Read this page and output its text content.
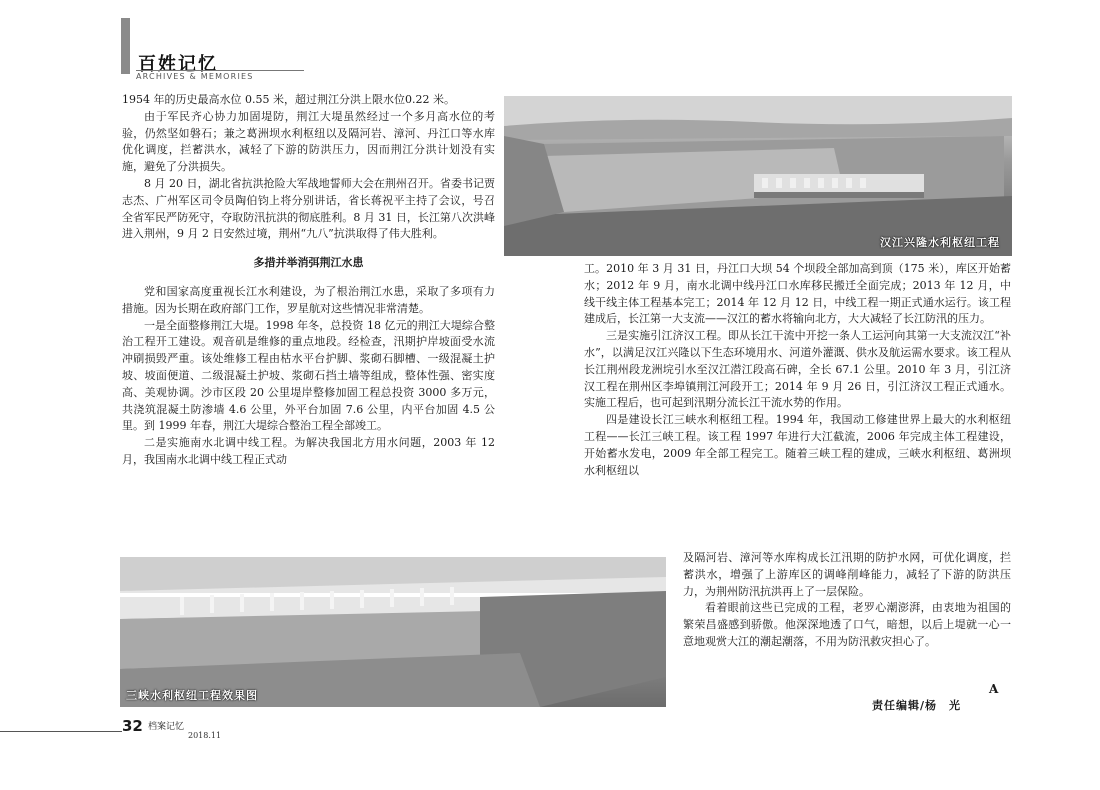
百姓记忆
ARCHIVES & MEMORIES
汉江兴隆水利枢纽工程

1954 年的历史最高水位 0.55 米，超过荆江分洪上限水位0.22 米。

由于军民齐心协力加固堤防，荆江大堤虽然经过一个多月高水位的考验，仍然坚如磐石；兼之葛洲坝水利枢纽以及隔河岩、漳河、丹江口等水库优化调度，拦蓄洪水，减轻了下游的防洪压力，因而荆江分洪计划没有实施，避免了分洪损失。

8 月 20 日，湖北省抗洪抢险大军战地誓师大会在荆州召开。省委书记贾志杰、广州军区司令员陶伯钧上将分别讲话，省长蒋祝平主持了会议，号召全省军民严防死守，夺取防汛抗洪的彻底胜利。8 月 31 日，长江第八次洪峰进入荆州，9 月 2 日安然过境，荆州“九八”抗洪取得了伟大胜利。

多措并举消弭荆江水患

党和国家高度重视长江水利建设，为了根治荆江水患，采取了多项有力措施。因为长期在政府部门工作，罗星航对这些情况非常清楚。

一是全面整修荆江大堤。1998 年冬，总投资 18 亿元的荆江大堤综合整治工程开工建设。观音矶是维修的重点地段。经检查，汛期护岸坡面受水流冲刷损毁严重。该处维修工程由枯水平台护脚、浆砌石脚槽、一级混凝土护坡、坡面便道、二级混凝土护坡、浆砌石挡土墙等组成，整体性强、密实度高、美观协调。沙市区段 20 公里堤岸整修加固工程总投资 3000 多万元，共浇筑混凝土防渗墙 4.6 公里，外平台加固 7.6 公里，内平台加固 4.5 公里。到 1999 年春，荆江大堤综合整治工程全部竣工。

二是实施南水北调中线工程。为解决我国北方用水问题，2003 年 12 月，我国南水北调中线工程正式动

工。2010 年 3 月 31 日，丹江口大坝 54 个坝段全部加高到顶（175 米），库区开始蓄水；2012 年 9 月，南水北调中线丹江口水库移民搬迁全面完成；2013 年 12 月，中线干线主体工程基本完工；2014 年 12 月 12 日，中线工程一期正式通水运行。该工程建成后，长江第一大支流——汉江的蓄水将输向北方，大大减轻了长江防汛的压力。

三是实施引江济汉工程。即从长江干流中开挖一条人工运河向其第一大支流汉江“补水”，以满足汉江兴隆以下生态环境用水、河道外灌溉、供水及航运需水要求。该工程从长江荆州段龙洲垸引水至汉江潜江段高石碑，全长 67.1 公里。2010 年 3 月，引江济汉工程在荆州区李埠镇荆江河段开工；2014 年 9 月 26 日，引江济汉工程正式通水。实施工程后，也可起到汛期分流长江干流水势的作用。

四是建设长江三峡水利枢纽工程。1994 年，我国动工修建世界上最大的水利枢纽工程——长江三峡工程。该工程 1997 年进行大江截流，2006 年完成主体工程建设，开始蓄水发电，2009 年全部工程完工。随着三峡工程的建成，三峡水利枢纽、葛洲坝水利枢纽以

三峡水利枢纽工程效果图

及隔河岩、漳河等水库构成长江汛期的防护水网，可优化调度，拦蓄洪水，增强了上游库区的调峰削峰能力，减轻了下游的防洪压力，为荆州防汛抗洪再上了一层保险。

看着眼前这些已完成的工程，老罗心潮澎湃，由衷地为祖国的繁荣昌盛感到骄傲。他深深地透了口气，暗想，以后上堤就一心一意地观赏大江的潮起潮落，不用为防汛救灾担心了。

A
责任编辑/杨　光
32 档案记忆
2018.11
